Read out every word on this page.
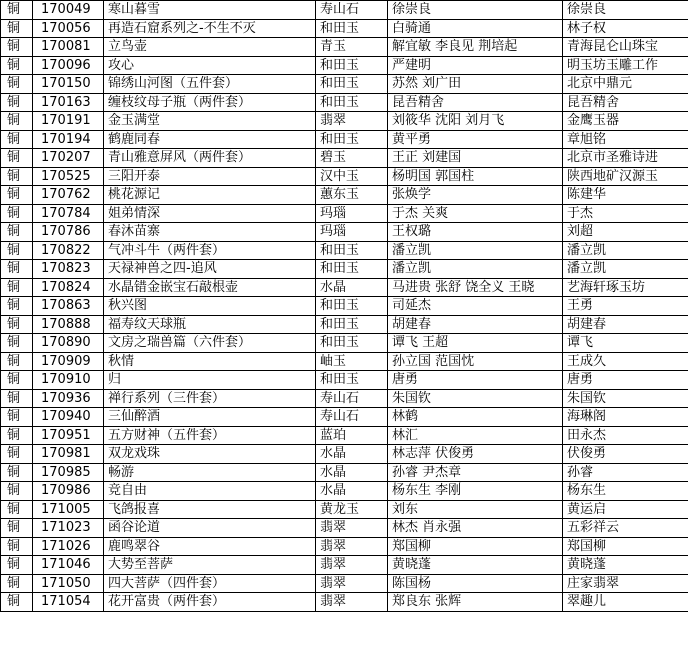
铜	170049	寒山暮雪	寿山石	徐崇良	徐崇良
铜	170056	再造石窟系列之-不生不灭	和田玉	白骑通	林子权
铜	170081	立鸟壶	青玉	解宜敏 李良见 荆培起	青海昆仑山珠宝
铜	170096	攻心	和田玉	严建明	明玉坊玉雕工作
铜	170150	锦绣山河图（五件套）	和田玉	苏然 刘广田	北京中鼎元
铜	170163	缠枝纹母子瓶（两件套）	和田玉	昆吾精舍	昆吾精舍
铜	170191	金玉满堂	翡翠	刘筱华 沈阳 刘月飞	金鹰玉器
铜	170194	鹤鹿同春	和田玉	黄平勇	章旭铭
铜	170207	青山雅意屏风（两件套）	碧玉	王正 刘建国	北京市圣雅诗进
铜	170525	三阳开泰	汉中玉	杨明国 郭国柱	陕西地矿汉源玉
铜	170762	桃花源记	蕙东玉	张焕学	陈建华
铜	170784	姐弟情深	玛瑙	于杰 关爽	于杰
铜	170786	春沐苗寨	玛瑙	王权璐	刘超
铜	170822	气冲斗牛（两件套）	和田玉	潘立凯	潘立凯
铜	170823	天禄神兽之四-追风	和田玉	潘立凯	潘立凯
铜	170824	水晶错金嵌宝石敲根壶	水晶	马进贵 张舒 饶全义 王晓	艺海轩琢玉坊
铜	170863	秋兴图	和田玉	司延杰	王勇
铜	170888	福寿纹天球瓶	和田玉	胡建春	胡建春
铜	170890	文房之瑞兽篇（六件套）	和田玉	谭飞 王超	谭飞
铜	170909	秋情	岫玉	孙立国 范国忱	王成久
铜	170910	归	和田玉	唐勇	唐勇
铜	170936	禅行系列（三件套）	寿山石	朱国钦	朱国钦
铜	170940	三仙醉酒	寿山石	林鹤	海琳阁
铜	170951	五方财神（五件套）	蓝珀	林汇	田永杰
铜	170981	双龙戏珠	水晶	林志萍 伏俊勇	伏俊勇
铜	170985	畅游	水晶	孙睿 尹杰章	孙睿
铜	170986	竞自由	水晶	杨东生 李刚	杨东生
铜	171005	飞鸽报喜	黄龙玉	刘东	黄运启
铜	171023	函谷论道	翡翠	林杰 肖永强	五彩祥云
铜	171026	鹿鸣翠谷	翡翠	郑国柳	郑国柳
铜	171046	大势至菩萨	翡翠	黄晓蓬	黄晓蓬
铜	171050	四大菩萨（四件套）	翡翠	陈国杨	庄家翡翠
铜	171054	花开富贵（两件套）	翡翠	郑良东 张辉	翠趣儿
